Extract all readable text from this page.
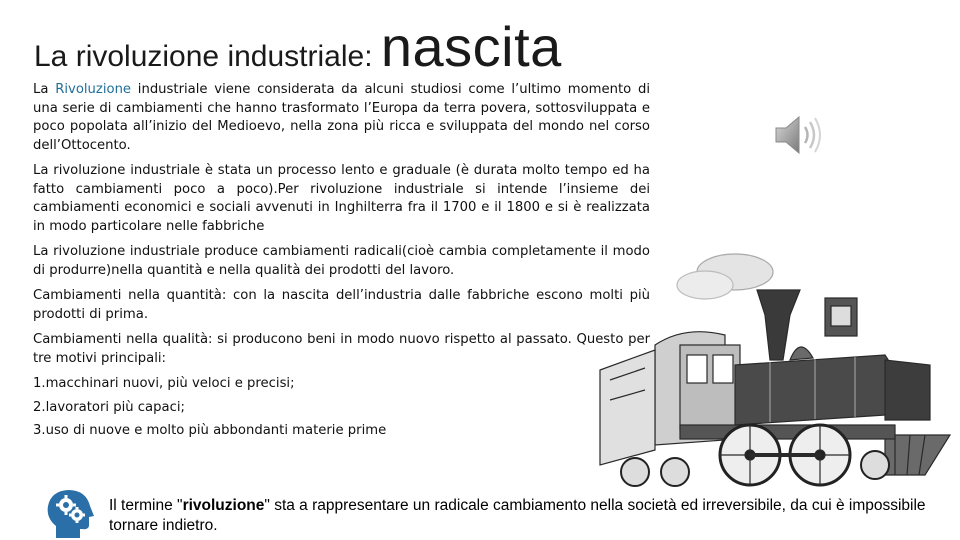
La rivoluzione industriale: nascita

La Rivoluzione industriale viene considerata da alcuni studiosi come l’ultimo momento di una serie di cambiamenti che hanno trasformato l’Europa da terra povera, sottosviluppata e poco popolata all’inizio del Medioevo, nella zona più ricca e sviluppata del mondo nel corso dell’Ottocento.

La rivoluzione industriale è stata un processo lento e graduale (è durata molto tempo ed ha fatto cambiamenti poco a poco).Per rivoluzione industriale si intende l’insieme dei cambiamenti economici e sociali avvenuti in Inghilterra fra il 1700 e il 1800 e si è realizzata in modo particolare nelle fabbriche

La rivoluzione industriale produce cambiamenti radicali(cioè cambia completamente il modo di produrre)nella quantità e nella qualità dei prodotti del lavoro.

Cambiamenti nella quantità: con la nascita dell’industria dalle fabbriche escono molti più prodotti di prima.

Cambiamenti nella qualità: si producono beni in modo nuovo rispetto al passato. Questo per tre motivi principali:

1.macchinari nuovi, più veloci e precisi;

2.lavoratori più capaci;

3.uso di nuove e molto più abbondanti materie prime

Il termine "rivoluzione" sta a rappresentare un radicale cambiamento nella società ed irreversibile, da cui è impossibile tornare indietro.
